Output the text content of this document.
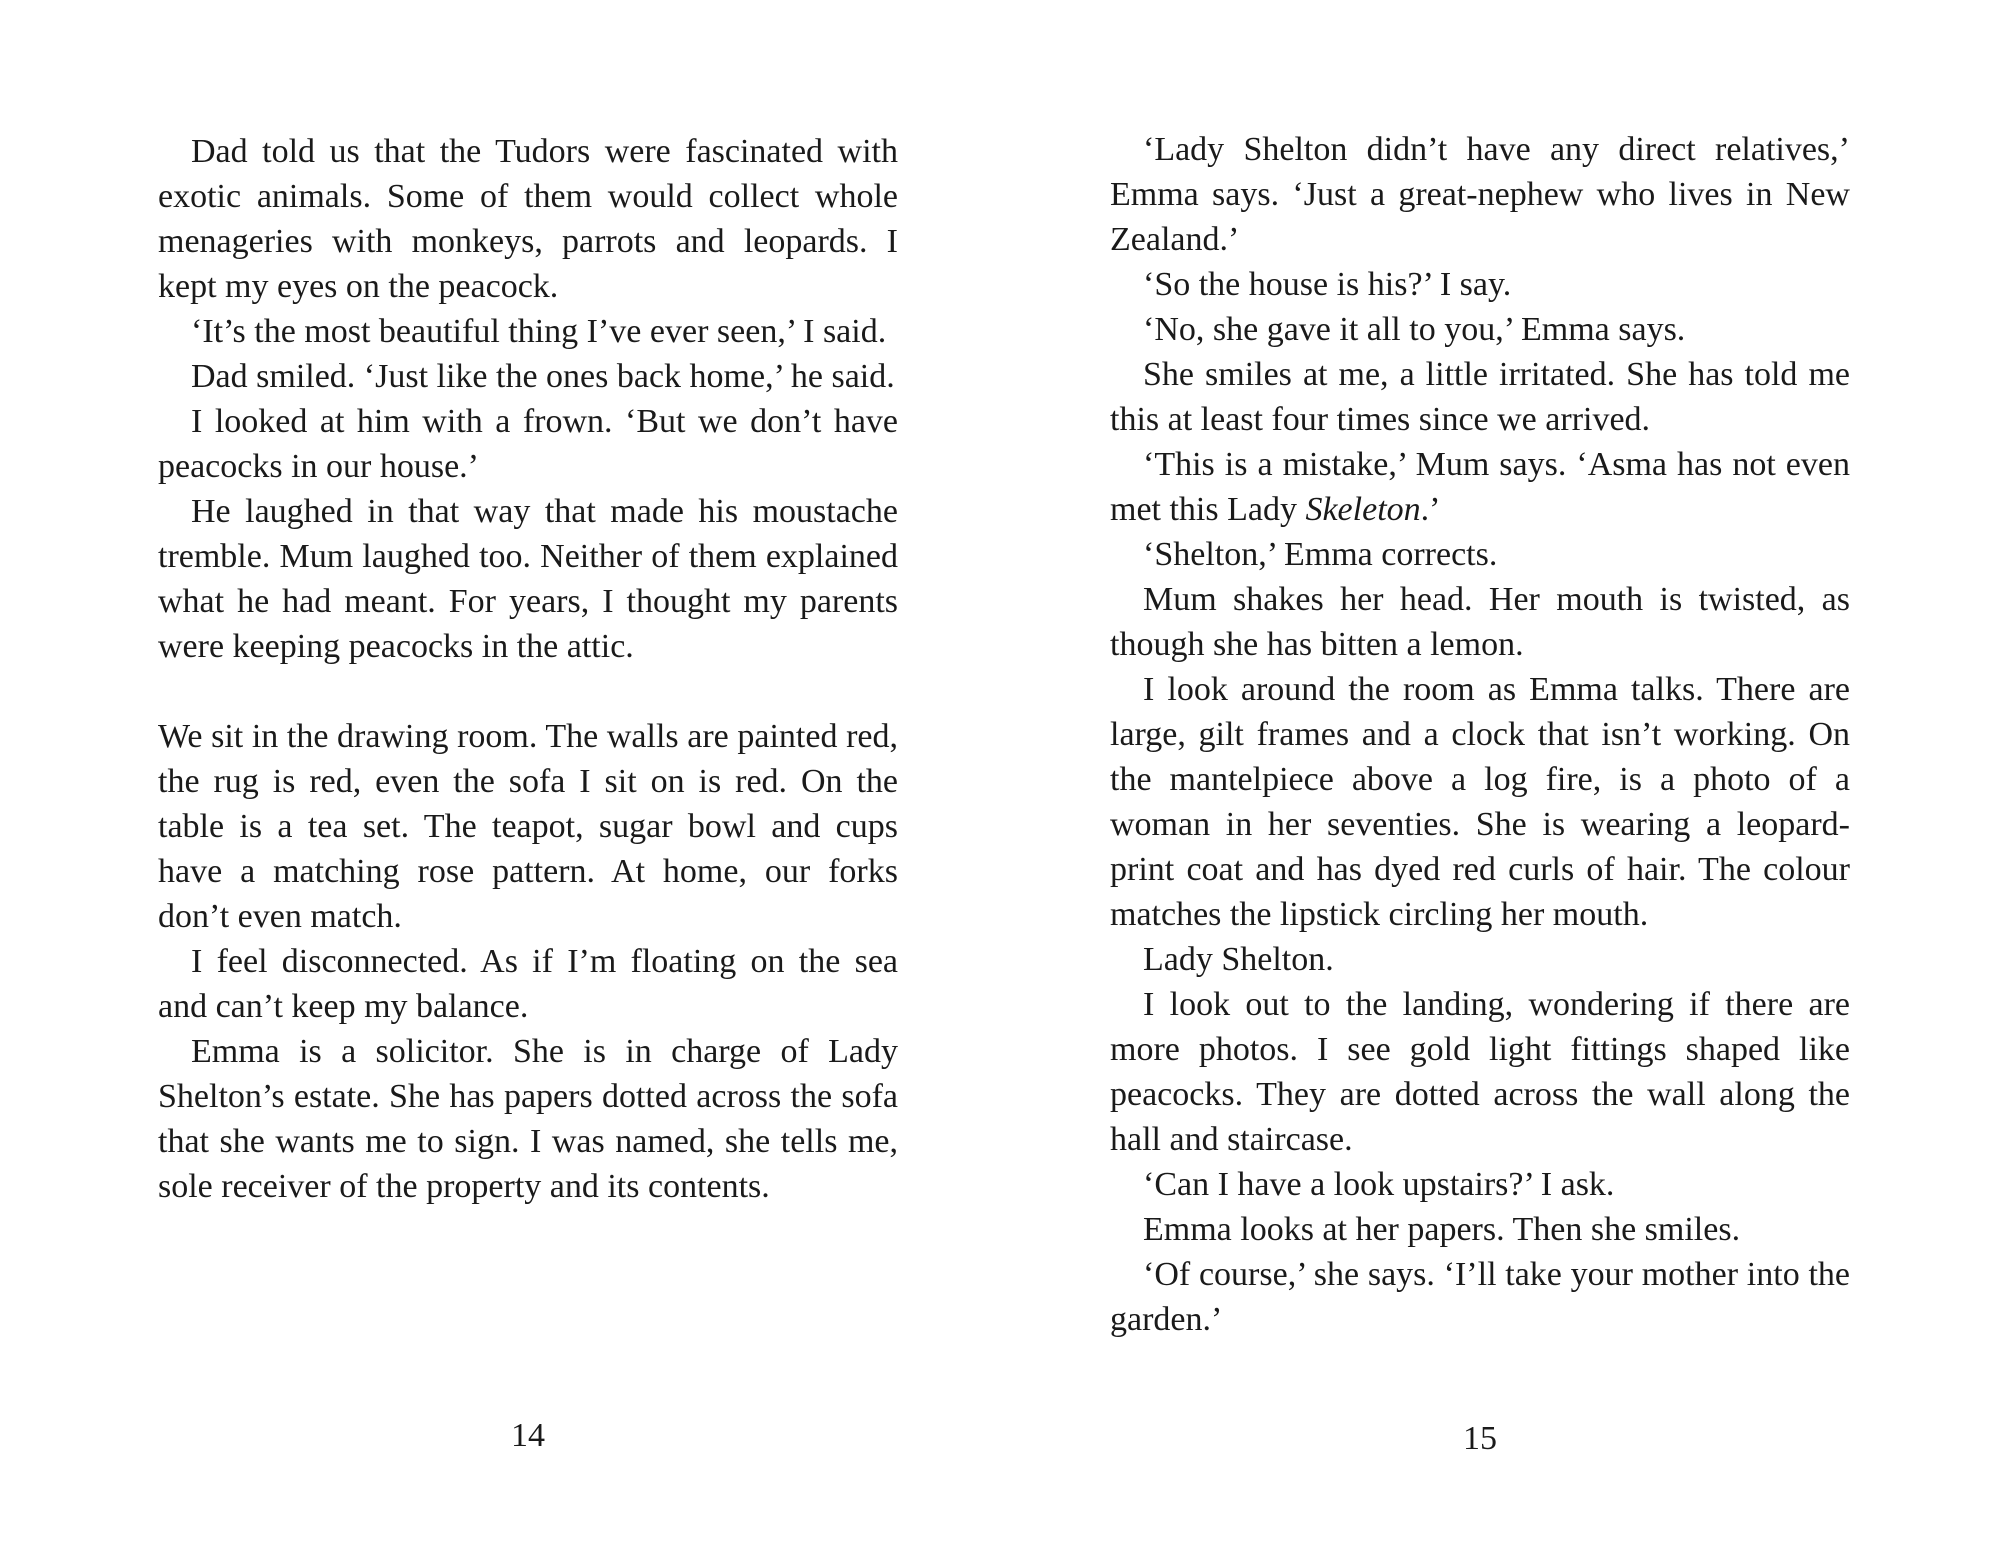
Dad told us that the Tudors were fascinated with exotic animals. Some of them would collect whole menageries with monkeys, parrots and leopards. I kept my eyes on the peacock.

‘It’s the most beautiful thing I’ve ever seen,’ I said.

Dad smiled. ‘Just like the ones back home,’ he said.

I looked at him with a frown. ‘But we don’t have peacocks in our house.’

He laughed in that way that made his moustache tremble. Mum laughed too. Neither of them explained what he had meant. For years, I thought my parents were keeping peacocks in the attic.

We sit in the drawing room. The walls are painted red, the rug is red, even the sofa I sit on is red. On the table is a tea set. The teapot, sugar bowl and cups have a matching rose pattern. At home, our forks don’t even match.

I feel disconnected. As if I’m floating on the sea and can’t keep my balance.

Emma is a solicitor. She is in charge of Lady Shelton’s estate. She has papers dotted across the sofa that she wants me to sign. I was named, she tells me, sole receiver of the property and its contents.

14

‘Lady Shelton didn’t have any direct relatives,’ Emma says. ‘Just a great-nephew who lives in New Zealand.’

‘So the house is his?’ I say.

‘No, she gave it all to you,’ Emma says.

She smiles at me, a little irritated. She has told me this at least four times since we arrived.

‘This is a mistake,’ Mum says. ‘Asma has not even met this Lady Skeleton.’

‘Shelton,’ Emma corrects.

Mum shakes her head. Her mouth is twisted, as though she has bitten a lemon.

I look around the room as Emma talks. There are large, gilt frames and a clock that isn’t working. On the mantelpiece above a log fire, is a photo of a woman in her seventies. She is wearing a leopard-print coat and has dyed red curls of hair. The colour matches the lipstick circling her mouth.

Lady Shelton.

I look out to the landing, wondering if there are more photos. I see gold light fittings shaped like peacocks. They are dotted across the wall along the hall and staircase.

‘Can I have a look upstairs?’ I ask.

Emma looks at her papers. Then she smiles.

‘Of course,’ she says. ‘I’ll take your mother into the garden.’

15
